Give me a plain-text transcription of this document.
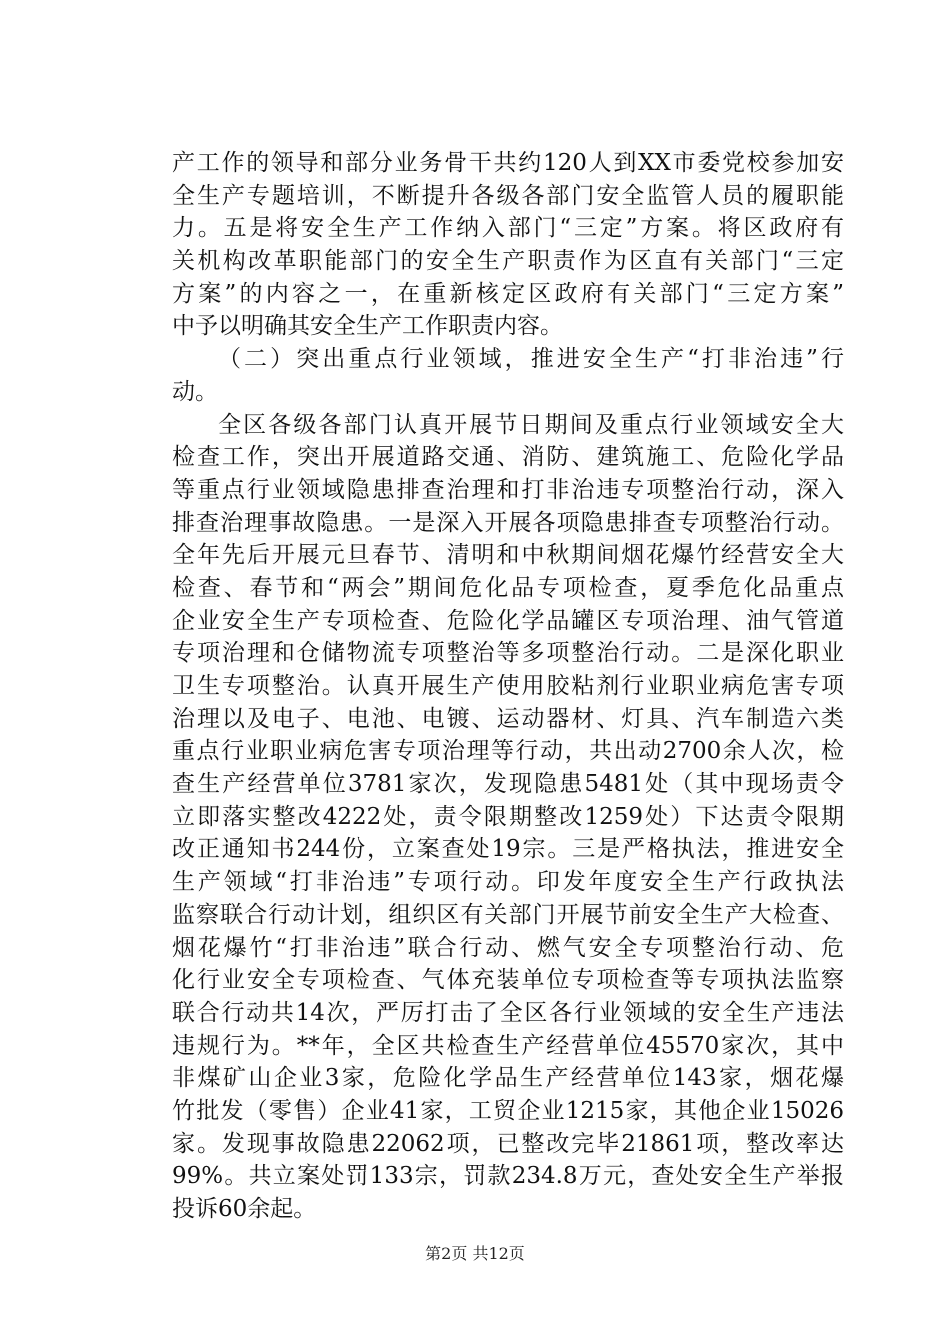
产工作的领导和部分业务骨干共约120人到XX市委党校参加安
全生产专题培训，不断提升各级各部门安全监管人员的履职能
力。五是将安全生产工作纳入部门“三定”方案。将区政府有
关机构改革职能部门的安全生产职责作为区直有关部门“三定
方案”的内容之一，在重新核定区政府有关部门“三定方案”
中予以明确其安全生产工作职责内容。
（二）突出重点行业领域，推进安全生产“打非治违”行
动。
全区各级各部门认真开展节日期间及重点行业领域安全大
检查工作，突出开展道路交通、消防、建筑施工、危险化学品
等重点行业领域隐患排查治理和打非治违专项整治行动，深入
排查治理事故隐患。一是深入开展各项隐患排查专项整治行动。
全年先后开展元旦春节、清明和中秋期间烟花爆竹经营安全大
检查、春节和“两会”期间危化品专项检查，夏季危化品重点
企业安全生产专项检查、危险化学品罐区专项治理、油气管道
专项治理和仓储物流专项整治等多项整治行动。二是深化职业
卫生专项整治。认真开展生产使用胶粘剂行业职业病危害专项
治理以及电子、电池、电镀、运动器材、灯具、汽车制造六类
重点行业职业病危害专项治理等行动，共出动2700余人次，检
查生产经营单位3781家次，发现隐患5481处（其中现场责令
立即落实整改4222处，责令限期整改1259处）下达责令限期
改正通知书244份，立案查处19宗。三是严格执法，推进安全
生产领域“打非治违”专项行动。印发年度安全生产行政执法
监察联合行动计划，组织区有关部门开展节前安全生产大检查、
烟花爆竹“打非治违”联合行动、燃气安全专项整治行动、危
化行业安全专项检查、气体充装单位专项检查等专项执法监察
联合行动共14次，严厉打击了全区各行业领域的安全生产违法
违规行为。**年，全区共检查生产经营单位45570家次，其中
非煤矿山企业3家，危险化学品生产经营单位143家，烟花爆
竹批发（零售）企业41家，工贸企业1215家，其他企业15026
家。发现事故隐患22062项，已整改完毕21861项，整改率达
99%。共立案处罚133宗，罚款234.8万元，查处安全生产举报
投诉60余起。
第2页 共12页
